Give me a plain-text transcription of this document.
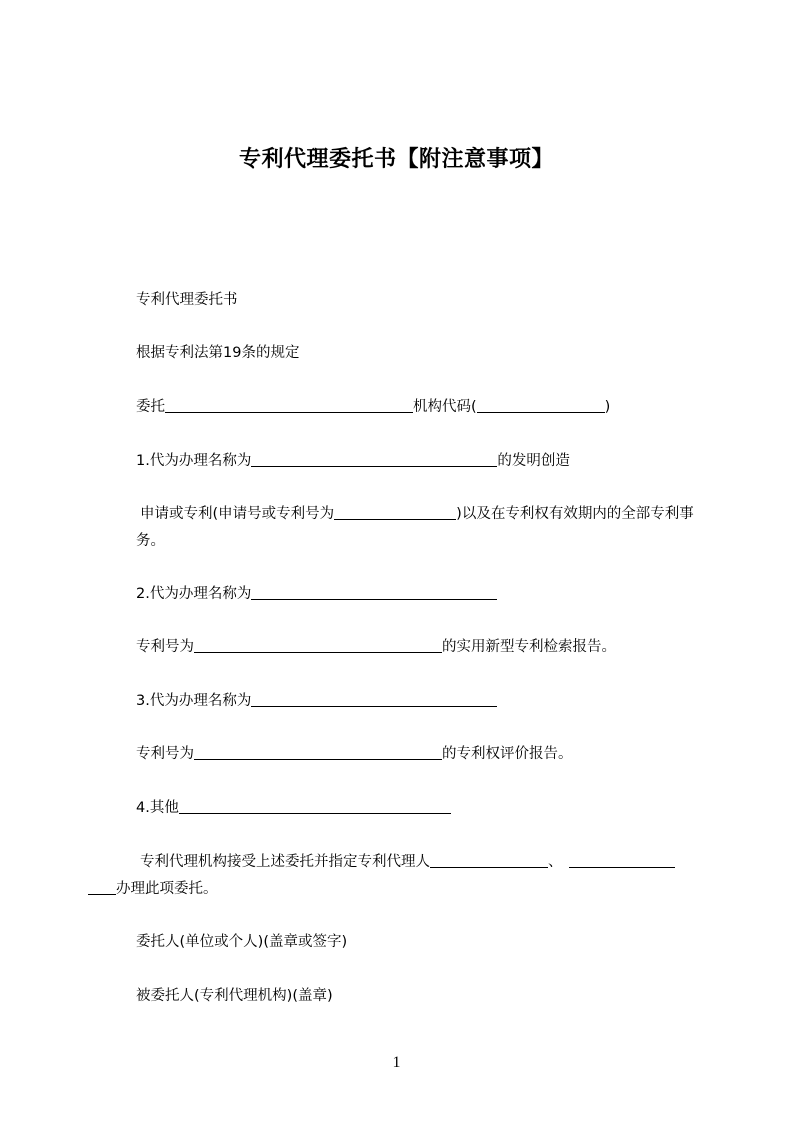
专利代理委托书【附注意事项】
专利代理委托书
根据专利法第19条的规定
委托	机构代码(	)
1.代为办理名称为	的发明创造
申请或专利(申请号或专利号为	)以及在专利权有效期内的全部专利事务。
2.代为办理名称为
专利号为	的实用新型专利检索报告。
3.代为办理名称为
专利号为	的专利权评价报告。
4.其他
专利代理机构接受上述委托并指定专利代理人	、
办理此项委托。
委托人(单位或个人)(盖章或签字)
被委托人(专利代理机构)(盖章)
1
